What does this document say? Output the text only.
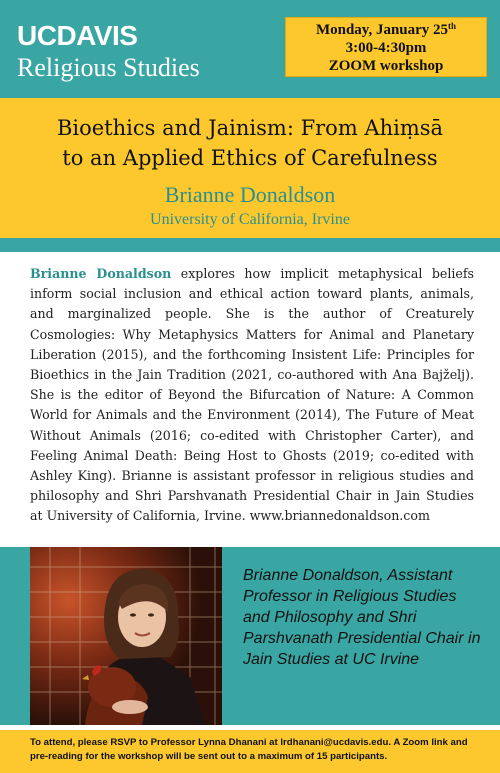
UCDAVIS
Religious Studies
Monday, January 25th
3:00-4:30pm
ZOOM workshop
Bioethics and Jainism: From Ahiṃsā
to an Applied Ethics of Carefulness
Brianne Donaldson
University of California, Irvine
Brianne Donaldson explores how implicit metaphysical beliefs inform social inclusion and ethical action toward plants, animals, and marginalized people. She is the author of Creaturely Cosmologies: Why Metaphysics Matters for Animal and Planetary Liberation (2015), and the forthcoming Insistent Life: Principles for Bioethics in the Jain Tradition (2021, co-authored with Ana Bajželj). She is the editor of Beyond the Bifurcation of Nature: A Common World for Animals and the Environment (2014), The Future of Meat Without Animals (2016; co-edited with Christopher Carter), and Feeling Animal Death: Being Host to Ghosts (2019; co-edited with Ashley King). Brianne is assistant professor in religious studies and philosophy and Shri Parshvanath Presidential Chair in Jain Studies at University of California, Irvine. www.briannedonaldson.com
Brianne Donaldson, Assistant Professor in Religious Studies and Philosophy and Shri Parshvanath Presidential Chair in Jain Studies at UC Irvine
To attend, please RSVP to Professor Lynna Dhanani at lrdhanani@ucdavis.edu. A Zoom link and pre-reading for the workshop will be sent out to a maximum of 15 participants.
